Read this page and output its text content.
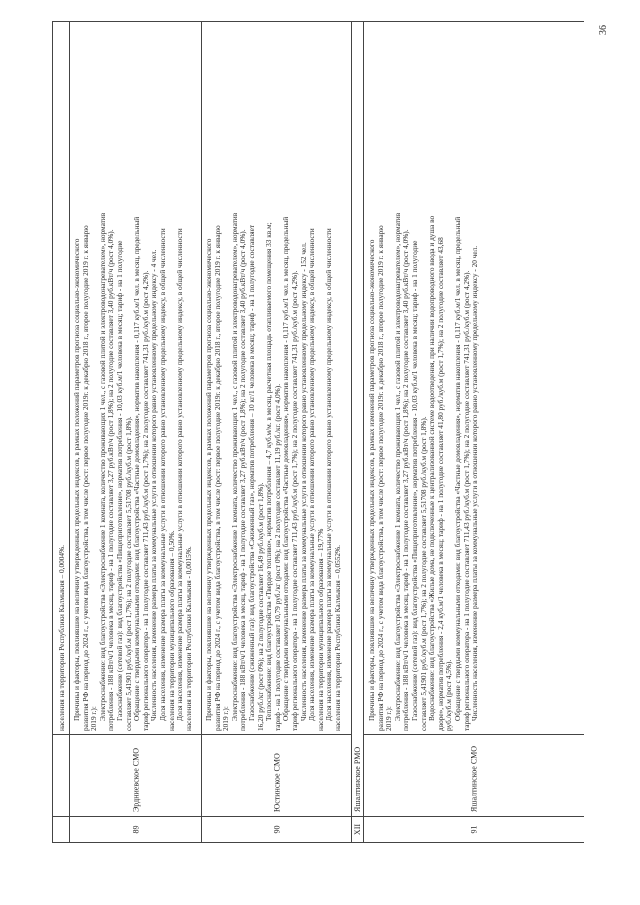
населения на территории Республики Калмыкия – 0,0004%.

89
Эрдниевское СМО

Причины и факторы, повлиявшие на величину утвержденных предельных индексов, в рамках положений параметров прогноза социально-экономического развития РФ на период до 2024 г., с учетом вида благоустройства, в том числе (рост: первое полугодие 2019г. к декабрю 2018 г., второе полугодие 2019 г. к январю 2019 г.): Электроснабжение: вид благоустройства «Электроснабжение 1 комната, количество проживающих 1 чел., с газовой плитой и электроводонагревателем», норматив потребления - 188 кВт/ч/1 человека в месяц, тариф - на 1 полугодие составляет 3,27 руб.кВт/ч (рост 1,8%); на 2 полугодие составляет 3,40 руб.кВт/ч (рост 4,0%). Газоснабжение (сетевой газ): вид благоустройства «Пищеприготовление», норматив потребления - 10,03 куб.м/1 человека в месяц; тариф - на 1 полугодие составляет 5,41901 руб./куб.м (рост 1,7%); на 2 полугодие составляет 5,51708 руб./куб.м (рост 1,8%). Обращение с твердыми коммунальными отходами: вид благоустройства «Частные домовладения», норматив накопления - 0,117 куб.м/1 чел. в месяц, предельный тариф регионального оператора - на 1 полугодие составляет 711,43 руб./куб.м (рост 1,7%); на 2 полугодие составляет 741,31 руб./куб.м (рост 4,2%). Численность населения, изменение размера платы за коммунальные услуги в отношении которого равно установленному предельному индексу - 4 чел. Доля населения, изменение размера платы за коммунальные услуги в отношении которого равно установленному предельному индексу, в общей численности населения на территории муниципального образования – 0,50%. Доля населения, изменение размера платы за коммунальные услуги в отношении которого равно установленному предельному индексу, в общей численности населения на территории Республики Калмыкия - 0,0015%.

90
Юстинское СМО

Причины и факторы, повлиявшие на величину утвержденных предельных индексов, в рамках положений параметров прогноза социально-экономического развития РФ на период до 2024 г., с учетом вида благоустройства, в том числе (рост: первое полугодие 2019г. к декабрю 2018 г., второе полугодие 2019 г. к январю 2019 г.): Электроснабжение: вид благоустройства «Электроснабжение 1 комната, количество проживающих 1 чел., с газовой плитой и электроводонагревателем», норматив потребления - 188 кВт/ч/1 человека в месяц, тариф - на 1 полугодие составляет 3,27 руб.кВт/ч (рост 1,8%); на 2 полугодие составляет 3,40 руб.кВт/ч (рост 4,0%). Газоснабжение (сжиженный газ): вид благоустройства «Сжиженный газ», норматив потребления – 10 кг/1 человека в месяц; тариф - на 1 полугодие составляет 16,20 руб./кг (рост 0%); на 2 полугодие составляет 16,49 руб./куб.м (рост 1,8%). Теплоснабжение: вид благоустройства «Твердое топливо», норматив потребления – 4,7 куб.м/м. в месяц, расчетная площадь отапливаемого помещения 33 кв.м; тариф - на 1 полугодие составляет 10,79 руб./кг (рост 0%); на 2 полугодие составляет 11,19 руб./кг. (рост 4,0%). Обращение с твердыми коммунальными отходами: вид благоустройства «Частные домовладения», норматив накопления - 0,117 куб.м/1 чел. в месяц, предельный тариф регионального оператора - на 1 полугодие составляет 711,43 руб./куб.м (рост 1,7%); на 2 полугодие составляет 741,31 руб./куб.м (рост 4,2%). Численность населения, изменение размера платы за коммунальные услуги в отношении которого равно установленному предельному индексу - 152 чел. Доля населения, изменение размера платы за коммунальные услуги в отношении которого равно установленному предельному индексу, в общей численности населения на территории муниципального образования – 19,77% Доля населения, изменение размера платы за коммунальные услуги в отношении которого равно установленному предельному индексу, в общей численности населения на территории Республики Калмыкия – 0,0552%.

XII
Яшалтинское РМО
91
Яшалтинское СМО

Причины и факторы, повлиявшие на величину утвержденных предельных индексов, в рамках изменений параметров прогноза социально-экономического развития РФ на период до 2024 г., с учетом вида благоустройства, в том числе (рост: первое полугодие 2019г. к декабрю 2018 г., второе полугодие 2019 г. к январю 2019 г.): Электроснабжение: вид благоустройства «Электроснабжение 1 комната, количество проживающих 1 чел., с газовой плитой и электроводонагревателем», норматив потребления - 188 кВт/ч/1 человека в месяц, тариф - на 1 полугодие составляет 3,27 руб.кВт/ч (рост 1,8%); на 2 полугодие составляет 3,40 руб.кВт/ч (рост 4,0%). Газоснабжение (сетевой газ): вид благоустройства «Пищеприготовление», норматив потребления - 10,03 куб.м/1 человека в месяц; тариф - на 1 полугодие составляет 5,41901 руб./куб.м (рост 1,7%); на 2 полугодие составляет 5,51708 руб./куб.м (рост 1,8%). Водоснабжение: вид благоустройства «Жилые дома, не подключенные к централизованной системе водоотведения, при наличии водопроводного ввода и душа во дворе», норматив потребления - 2,4 куб.м/1 человека в месяц; тариф - на 1 полугодие составляет 41,80 руб./куб.м (рост 1,7%); на 2 полугодие составляет 43,68 руб./куб.м (рост 4,5%). Обращение с твердыми коммунальными отходами: вид благоустройства «Частные домовладения», норматив накопления - 0,117 куб.м/1 чел. в месяц, предельный тариф регионального оператора - на 1 полугодие составляет 711,43 руб./куб.м (рост 1,7%); на 2 полугодие составляет 741,31 руб./куб.м (рост 4,2%). Численность населения, изменение размера платы за коммунальные услуги в отношении которого равно установленному предельному индексу - 20 чел.

36
